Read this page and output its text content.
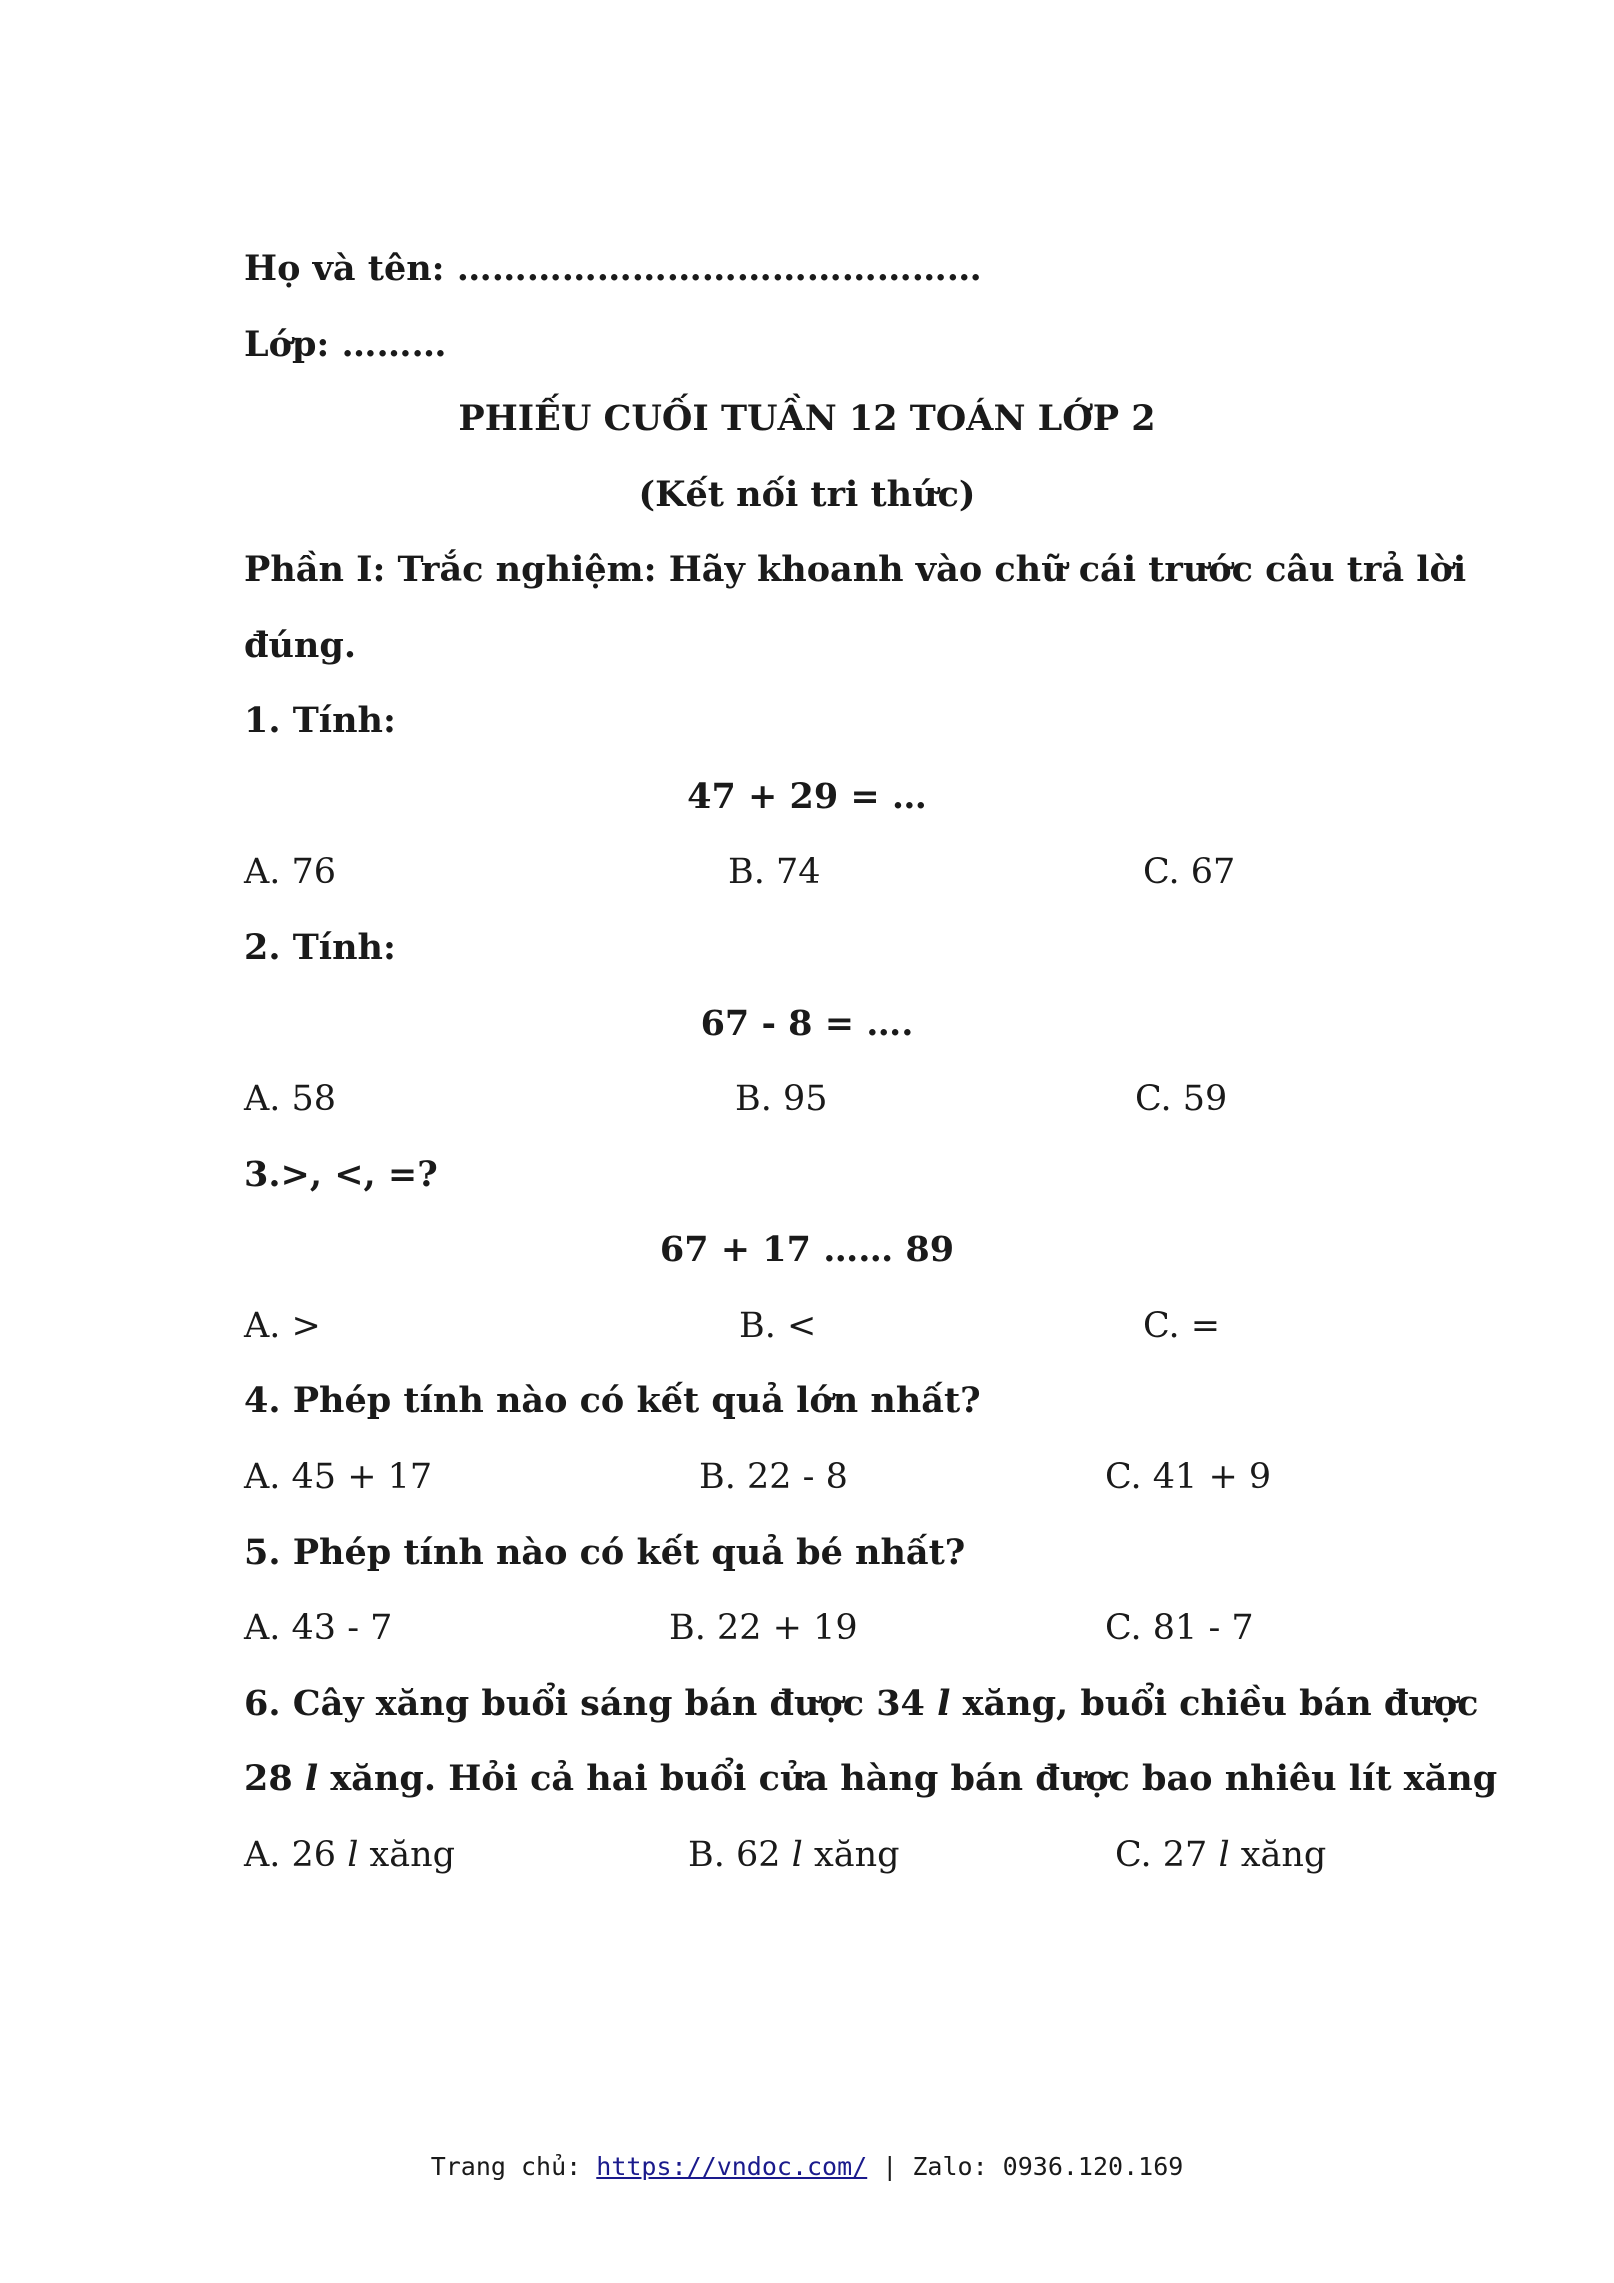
Họ và tên: ………………………………………
Lớp: ………
PHIẾU CUỐI TUẦN 12 TOÁN LỚP 2
(Kết nối tri thức)
Phần I: Trắc nghiệm: Hãy khoanh vào chữ cái trước câu trả lời
đúng.
1. Tính:
47 + 29 = …
A. 76	B. 74	C. 67
2. Tính:
67 - 8 = ….
A. 58	B. 95	C. 59
3.>, <, =?
67 + 17 …… 89
A. >	B. <	C. =
4. Phép tính nào có kết quả lớn nhất?
A. 45 + 17	B. 22 - 8	C. 41 + 9
5. Phép tính nào có kết quả bé nhất?
A. 43 - 7	B. 22 + 19	C. 81 - 7
6. Cây xăng buổi sáng bán được 34 l xăng, buổi chiều bán được
28 l xăng. Hỏi cả hai buổi cửa hàng bán được bao nhiêu lít xăng
A. 26 l xăng	B. 62 l xăng	C. 27 l xăng
Trang chủ: https://vndoc.com/ | Zalo: 0936.120.169
